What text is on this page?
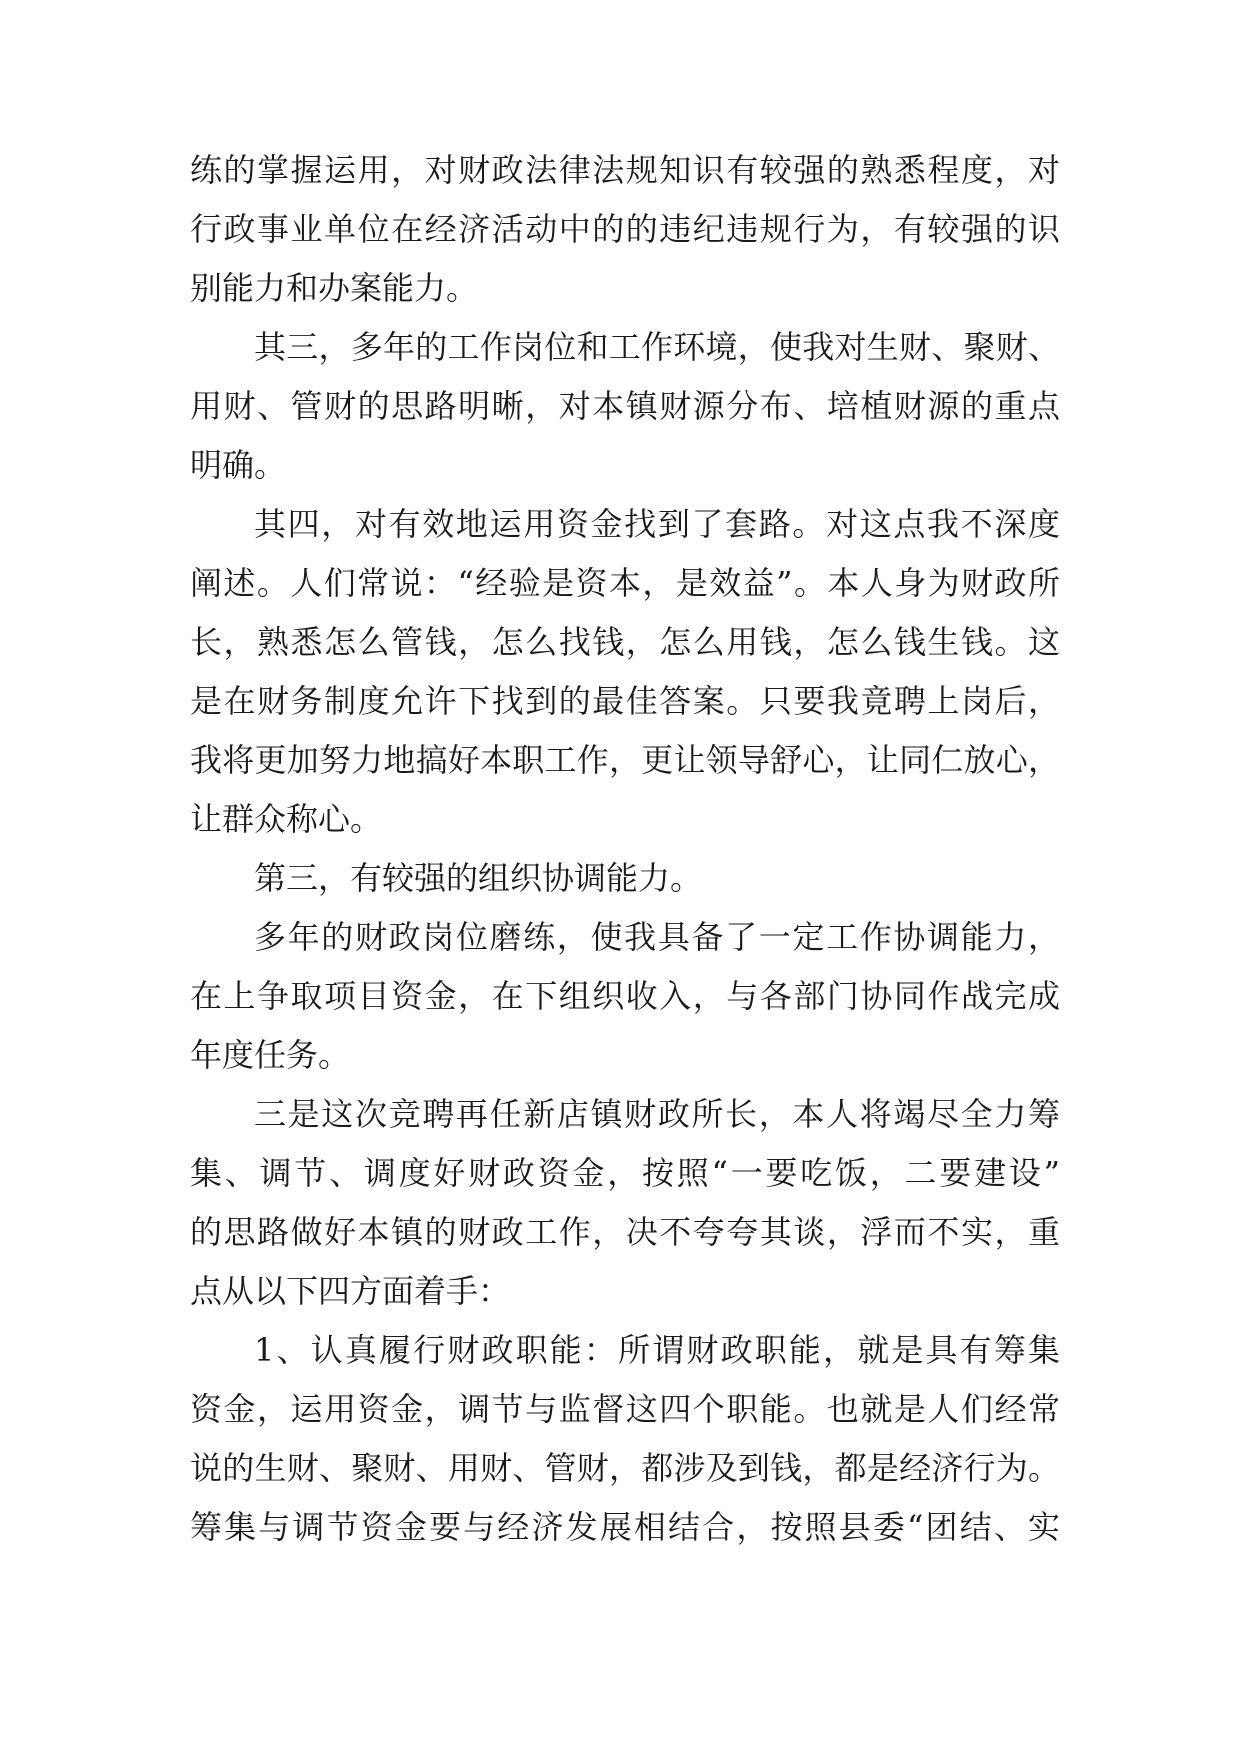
练的掌握运用，对财政法律法规知识有较强的熟悉程度，对
行政事业单位在经济活动中的的违纪违规行为，有较强的识
别能力和办案能力。
其三，多年的工作岗位和工作环境，使我对生财、聚财、
用财、管财的思路明晰，对本镇财源分布、培植财源的重点
明确。
其四，对有效地运用资金找到了套路。对这点我不深度
阐述。人们常说：“经验是资本，是效益”。本人身为财政所
长，熟悉怎么管钱，怎么找钱，怎么用钱，怎么钱生钱。这
是在财务制度允许下找到的最佳答案。只要我竟聘上岗后，
我将更加努力地搞好本职工作，更让领导舒心，让同仁放心，
让群众称心。
第三，有较强的组织协调能力。
多年的财政岗位磨练，使我具备了一定工作协调能力，
在上争取项目资金，在下组织收入，与各部门协同作战完成
年度任务。
三是这次竞聘再任新店镇财政所长，本人将竭尽全力筹
集、调节、调度好财政资金，按照“一要吃饭，二要建设”
的思路做好本镇的财政工作，决不夸夸其谈，浮而不实，重
点从以下四方面着手：
1、认真履行财政职能：所谓财政职能，就是具有筹集
资金，运用资金，调节与监督这四个职能。也就是人们经常
说的生财、聚财、用财、管财，都涉及到钱，都是经济行为。
筹集与调节资金要与经济发展相结合，按照县委“团结、实
